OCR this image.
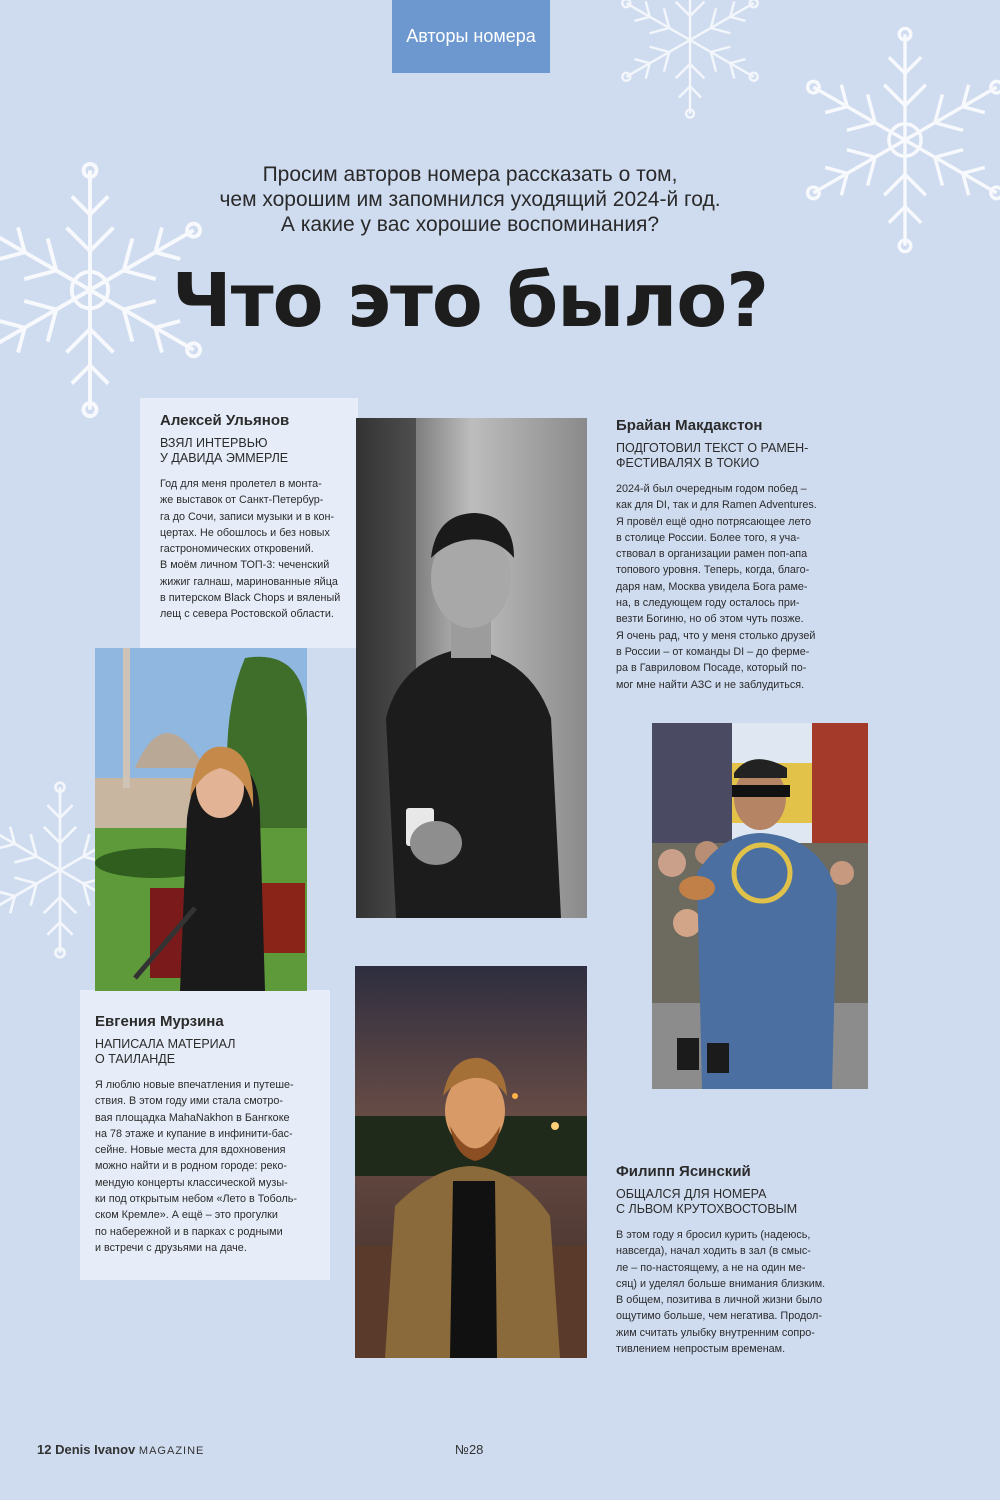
Авторы номера
Просим авторов номера рассказать о том,
чем хорошим им запомнился уходящий 2024-й год.
А какие у вас хорошие воспоминания?
Что это было?
Алексей Ульянов
ВЗЯЛ ИНТЕРВЬЮ
У ДАВИДА ЭММЕРЛЕ
Год для меня пролетел в монта-
же выставок от Санкт-Петербур-
га до Сочи, записи музыки и в кон-
цертах. Не обошлось и без новых
гастрономических откровений.
В моём личном ТОП-3: чеченский
жижиг галнаш, маринованные яйца
в питерском Black Chops и вяленый
лещ с севера Ростовской области.
Брайан Макдакстон
ПОДГОТОВИЛ ТЕКСТ О РАМЕН-
ФЕСТИВАЛЯХ В ТОКИО
2024-й был очередным годом побед –
как для DI, так и для Ramen Adventures.
Я провёл ещё одно потрясающее лето
в столице России. Более того, я уча-
ствовал в организации рамен поп-апа
топового уровня. Теперь, когда, благо-
даря нам, Москва увидела Бога раме-
на, в следующем году осталось при-
везти Богиню, но об этом чуть позже.
Я очень рад, что у меня столько друзей
в России – от команды DI – до ферме-
ра в Гавриловом Посаде, который по-
мог мне найти АЗС и не заблудиться.
Евгения Мурзина
НАПИСАЛА МАТЕРИАЛ
О ТАИЛАНДЕ
Я люблю новые впечатления и путеше-
ствия. В этом году ими стала смотро-
вая площадка MahaNakhon в Бангкоке
на 78 этаже и купание в инфинити-бас-
сейне. Новые места для вдохновения
можно найти и в родном городе: реко-
мендую концерты классической музы-
ки под открытым небом «Лето в Тоболь-
ском Кремле». А ещё – это прогулки
по набережной и в парках с родными
и встречи с друзьями на даче.
Филипп Ясинский
ОБЩАЛСЯ ДЛЯ НОМЕРА
С ЛЬВОМ КРУТОХВОСТОВЫМ
В этом году я бросил курить (надеюсь,
навсегда), начал ходить в зал (в смыс-
ле – по-настоящему, а не на один ме-
сяц) и уделял больше внимания близким.
В общем, позитива в личной жизни было
ощутимо больше, чем негатива. Продол-
жим считать улыбку внутренним сопро-
тивлением непростым временам.
12 Denis Ivanov MAGAZINE	№28
